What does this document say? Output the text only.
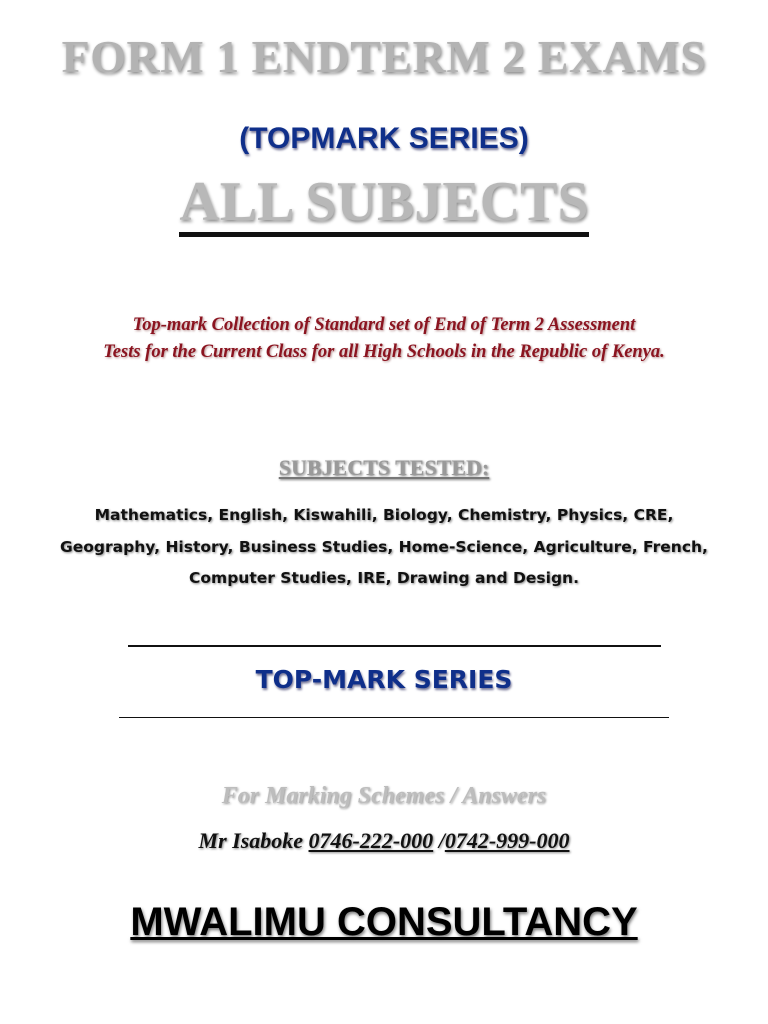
FORM 1 ENDTERM 2 EXAMS
(TOPMARK SERIES)
ALL SUBJECTS
Top-mark Collection of Standard set of End of Term 2 Assessment
Tests for the Current Class for all High Schools in the Republic of Kenya.
SUBJECTS TESTED:
Mathematics, English, Kiswahili, Biology, Chemistry, Physics, CRE,
Geography, History, Business Studies, Home-Science, Agriculture, French,
Computer Studies, IRE, Drawing and Design.
TOP-MARK SERIES
For Marking Schemes / Answers
Mr Isaboke 0746-222-000 /0742-999-000
MWALIMU CONSULTANCY
